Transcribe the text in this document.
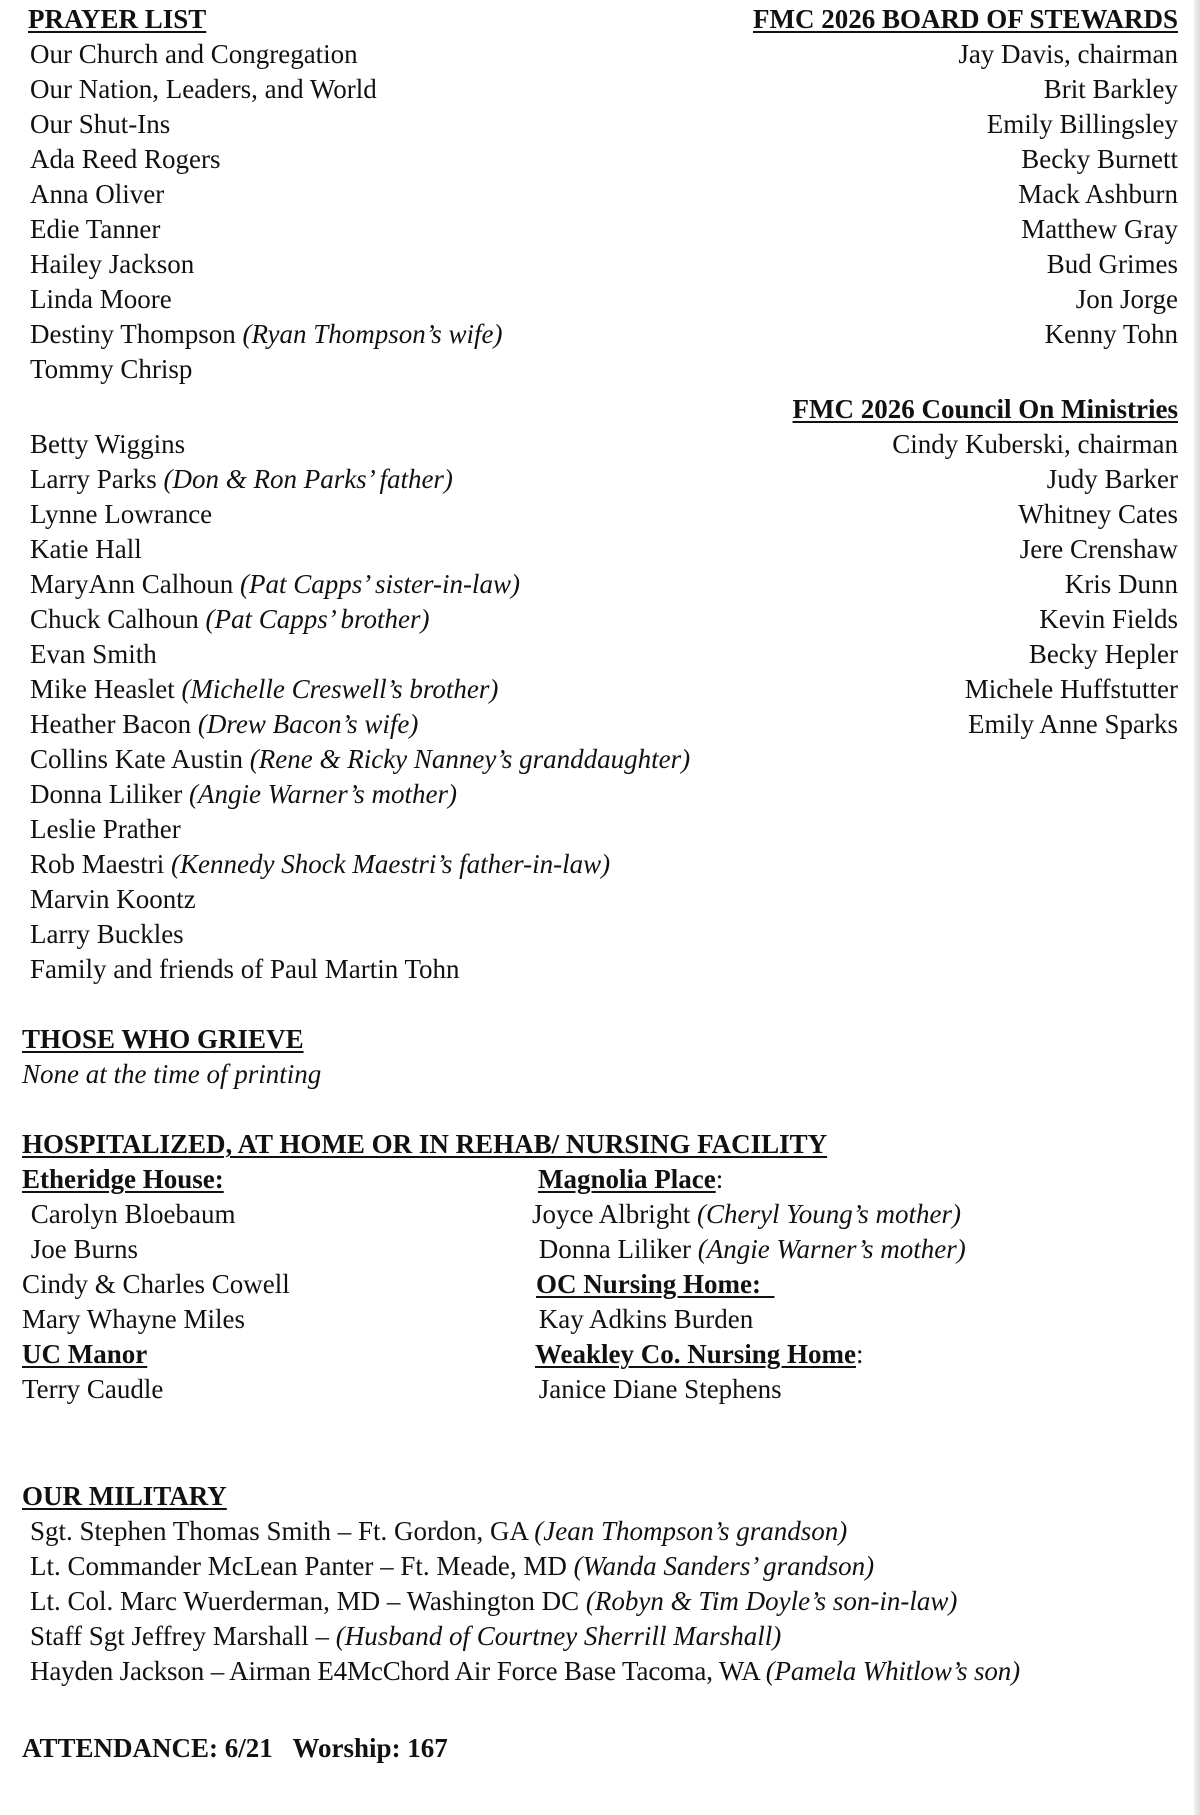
PRAYER LIST
Our Church and Congregation
Our Nation, Leaders, and World
Our Shut-Ins
Ada Reed Rogers
Anna Oliver
Edie Tanner
Hailey Jackson
Linda Moore
Destiny Thompson (Ryan Thompson’s wife)
Tommy Chrisp
Betty Wiggins
Larry Parks (Don & Ron Parks’ father)
Lynne Lowrance
Katie Hall
MaryAnn Calhoun (Pat Capps’ sister-in-law)
Chuck Calhoun (Pat Capps’ brother)
Evan Smith
Mike Heaslet (Michelle Creswell’s brother)
Heather Bacon (Drew Bacon’s wife)
Collins Kate Austin (Rene & Ricky Nanney’s granddaughter)
Donna Liliker (Angie Warner’s mother)
Leslie Prather
Rob Maestri (Kennedy Shock Maestri’s father-in-law)
Marvin Koontz
Larry Buckles
Family and friends of Paul Martin Tohn
FMC 2026 BOARD OF STEWARDS
Jay Davis, chairman
Brit Barkley
Emily Billingsley
Becky Burnett
Mack Ashburn
Matthew Gray
Bud Grimes
Jon Jorge
Kenny Tohn
FMC 2026 Council On Ministries
Cindy Kuberski, chairman
Judy Barker
Whitney Cates
Jere Crenshaw
Kris Dunn
Kevin Fields
Becky Hepler
Michele Huffstutter
Emily Anne Sparks
THOSE WHO GRIEVE
None at the time of printing
HOSPITALIZED, AT HOME OR IN REHAB/ NURSING FACILITY
Etheridge House:
Carolyn Bloebaum
Joe Burns
Cindy & Charles Cowell
Mary Whayne Miles
UC Manor
Terry Caudle
Magnolia Place:
Joyce Albright (Cheryl Young’s mother)
Donna Liliker (Angie Warner’s mother)
OC Nursing Home:
Kay Adkins Burden
Weakley Co. Nursing Home:
Janice Diane Stephens
OUR MILITARY
Sgt. Stephen Thomas Smith – Ft. Gordon, GA (Jean Thompson’s grandson)
Lt. Commander McLean Panter – Ft. Meade, MD (Wanda Sanders’ grandson)
Lt. Col. Marc Wuerderman, MD – Washington DC (Robyn & Tim Doyle’s son-in-law)
Staff Sgt Jeffrey Marshall – (Husband of Courtney Sherrill Marshall)
Hayden Jackson – Airman E4McChord Air Force Base Tacoma, WA (Pamela Whitlow’s son)
ATTENDANCE: 6/21 Worship: 167
